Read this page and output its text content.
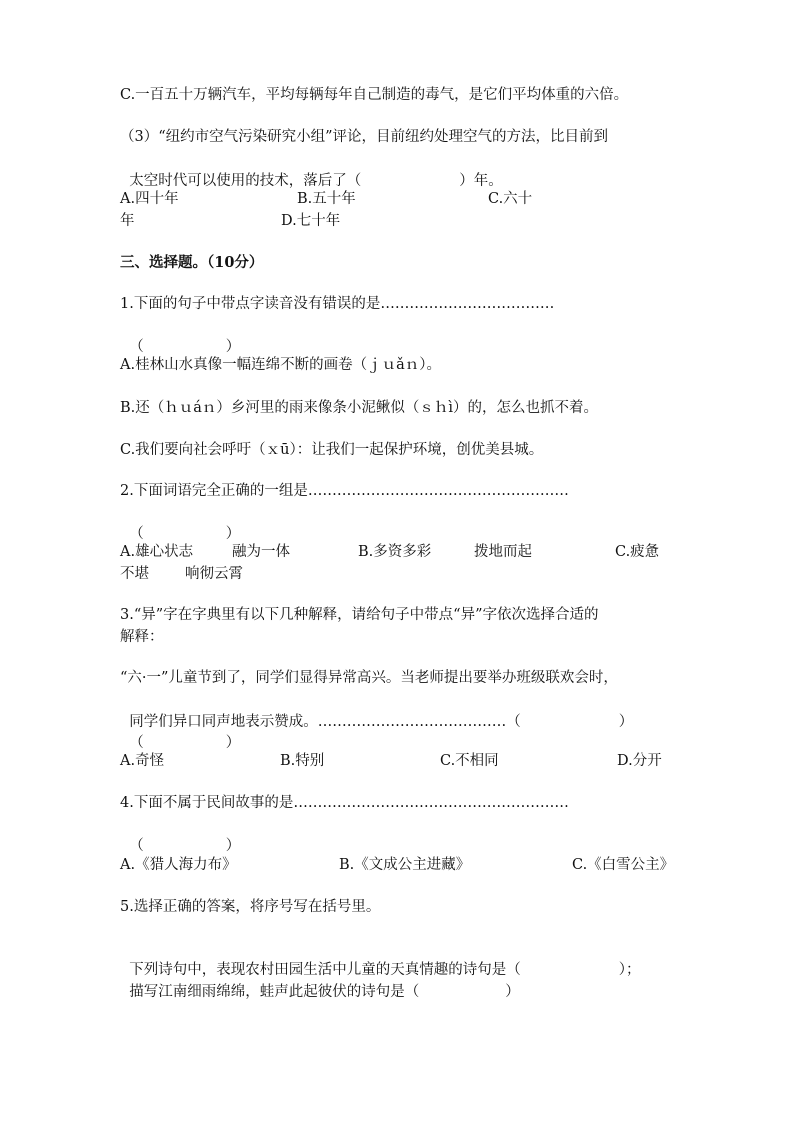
C.一百五十万辆汽车，平均每辆每年自己制造的毒气，是它们平均体重的六倍。
（3）“纽约市空气污染研究小组”评论，目前纽约处理空气的方法，比目前到

太空时代可以使用的技术，落后了（	）年。

A.四十年	B.五十年	C.六十
年	D.七十年
三、选择题。（10分）
1.下面的句子中带点字读音没有错误的是………………………………

（	）

A.桂林山水真像一幅连绵不断的画卷（ｊｕǎｎ）。
B.还（ｈｕáｎ）乡河里的雨来像条小泥鳅似（ｓｈì）的，怎么也抓不着。
C.我们要向社会呼吁（ｘū）：让我们一起保护环境，创优美县城。
2.下面词语完全正确的一组是………………………………………………

（	）

A.雄心状志	融为一体	B.多资多彩	拨地而起	C.疲惫
不堪 响彻云霄
3.“异”字在字典里有以下几种解释，请给句子中带点“异”字依次选择合适的
解释：
“六·一”儿童节到了，同学们显得异常高兴。当老师提出要举办班级联欢会时，

同学们异口同声地表示赞成。…………………………………（	）

（	）

A.奇怪	B.特别	C.不相同	D.分开
4.下面不属于民间故事的是…………………………………………………

（	）

A.《猎人海力布》	B.《文成公主进藏》	C.《白雪公主》
5.选择正确的答案，将序号写在括号里。

下列诗句中，表现农村田园生活中儿童的天真情趣的诗句是（	）；

描写江南细雨绵绵，蛙声此起彼伏的诗句是（	）
